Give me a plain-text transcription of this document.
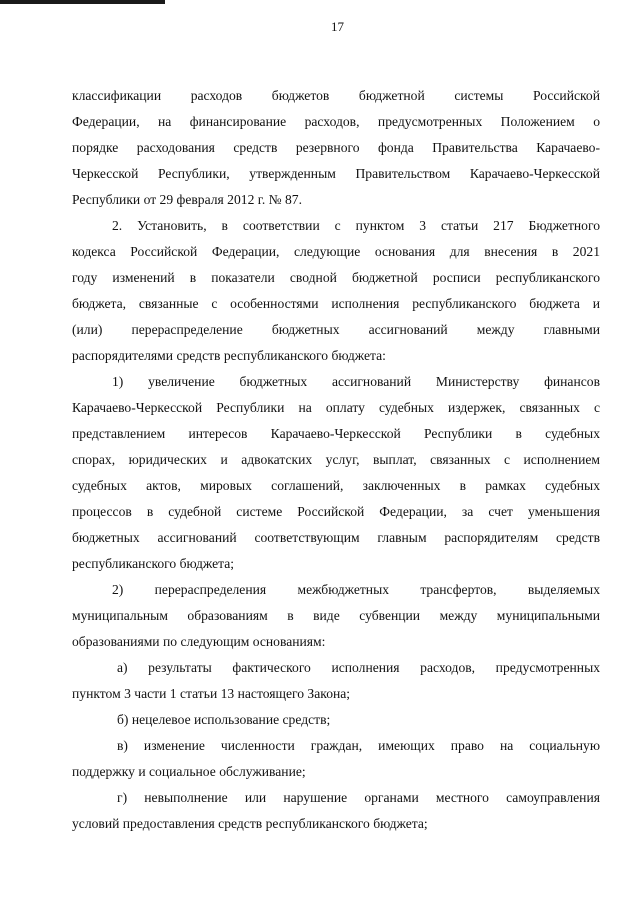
17

классификации расходов бюджетов бюджетной системы Российской

Федерации, на финансирование расходов, предусмотренных Положением о

порядке расходования средств резервного фонда Правительства Карачаево-

Черкесской Республики, утвержденным Правительством Карачаево-Черкесской

Республики от 29 февраля 2012 г. № 87.

2. Установить, в соответствии с пунктом 3 статьи 217 Бюджетного

кодекса Российской Федерации, следующие основания для внесения в 2021

году изменений в показатели сводной бюджетной росписи республиканского

бюджета, связанные с особенностями исполнения республиканского бюджета и

(или) перераспределение бюджетных ассигнований между главными

распорядителями средств республиканского бюджета:

1) увеличение бюджетных ассигнований Министерству финансов

Карачаево-Черкесской Республики на оплату судебных издержек, связанных с

представлением интересов Карачаево-Черкесской Республики в судебных

спорах, юридических и адвокатских услуг, выплат, связанных с исполнением

судебных актов, мировых соглашений, заключенных в рамках судебных

процессов в судебной системе Российской Федерации, за счет уменьшения

бюджетных ассигнований соответствующим главным распорядителям средств

республиканского бюджета;

2) перераспределения межбюджетных трансфертов, выделяемых

муниципальным образованиям в виде субвенции между муниципальными

образованиями по следующим основаниям:

а) результаты фактического исполнения расходов, предусмотренных

пунктом 3 части 1 статьи 13 настоящего Закона;

б) нецелевое использование средств;

в) изменение численности граждан, имеющих право на социальную

поддержку и социальное обслуживание;

г) невыполнение или нарушение органами местного самоуправления

условий предоставления средств республиканского бюджета;
